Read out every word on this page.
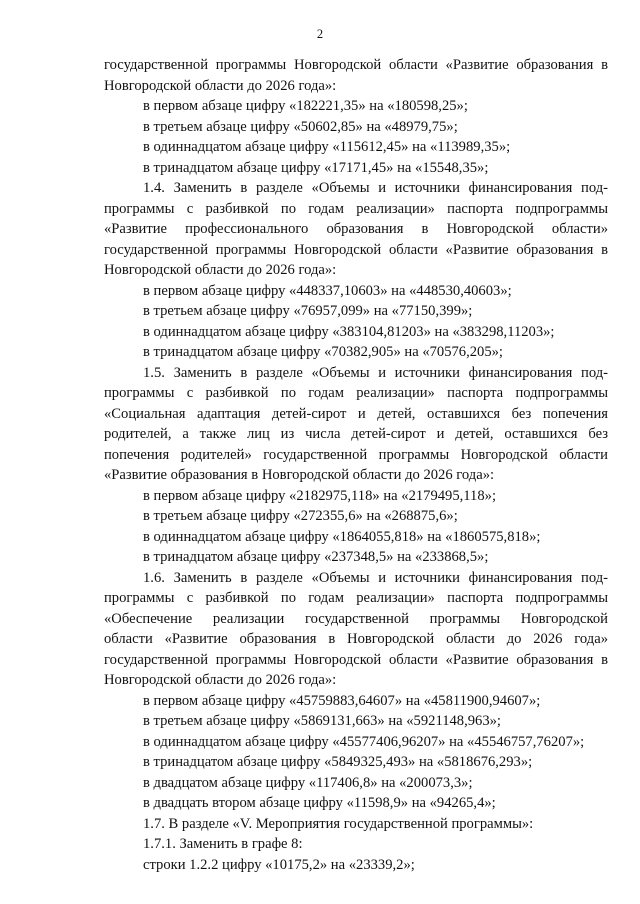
2
государственной программы Новгородской области «Развитие образования в
Новгородской области до 2026 года»:
в первом абзаце цифру «182221,35» на «180598,25»;
в третьем абзаце цифру «50602,85» на «48979,75»;
в одиннадцатом абзаце цифру «115612,45» на «113989,35»;
в тринадцатом абзаце цифру «17171,45» на «15548,35»;
1.4. Заменить в разделе «Объемы и источники финансирования под-
программы с разбивкой по годам реализации» паспорта подпрограммы
«Развитие профессионального образования в Новгородской области»
государственной программы Новгородской области «Развитие образования в
Новгородской области до 2026 года»:
в первом абзаце цифру «448337,10603» на «448530,40603»;
в третьем абзаце цифру «76957,099» на «77150,399»;
в одиннадцатом абзаце цифру «383104,81203» на «383298,11203»;
в тринадцатом абзаце цифру «70382,905» на «70576,205»;
1.5. Заменить в разделе «Объемы и источники финансирования под-
программы с разбивкой по годам реализации» паспорта подпрограммы
«Социальная адаптация детей-сирот и детей, оставшихся без попечения
родителей, а также лиц из числа детей-сирот и детей, оставшихся без
попечения родителей» государственной программы Новгородской области
«Развитие образования в Новгородской области до 2026 года»:
в первом абзаце цифру «2182975,118» на «2179495,118»;
в третьем абзаце цифру «272355,6» на «268875,6»;
в одиннадцатом абзаце цифру «1864055,818» на «1860575,818»;
в тринадцатом абзаце цифру «237348,5» на «233868,5»;
1.6. Заменить в разделе «Объемы и источники финансирования под-
программы с разбивкой по годам реализации» паспорта подпрограммы
«Обеспечение реализации государственной программы Новгородской
области «Развитие образования в Новгородской области до 2026 года»
государственной программы Новгородской области «Развитие образования в
Новгородской области до 2026 года»:
в первом абзаце цифру «45759883,64607» на «45811900,94607»;
в третьем абзаце цифру «5869131,663» на «5921148,963»;
в одиннадцатом абзаце цифру «45577406,96207» на «45546757,76207»;
в тринадцатом абзаце цифру «5849325,493» на «5818676,293»;
в двадцатом абзаце цифру «117406,8» на «200073,3»;
в двадцать втором абзаце цифру «11598,9» на «94265,4»;
1.7. В разделе «V. Мероприятия государственной программы»:
1.7.1. Заменить в графе 8:
строки 1.2.2 цифру «10175,2» на «23339,2»;
